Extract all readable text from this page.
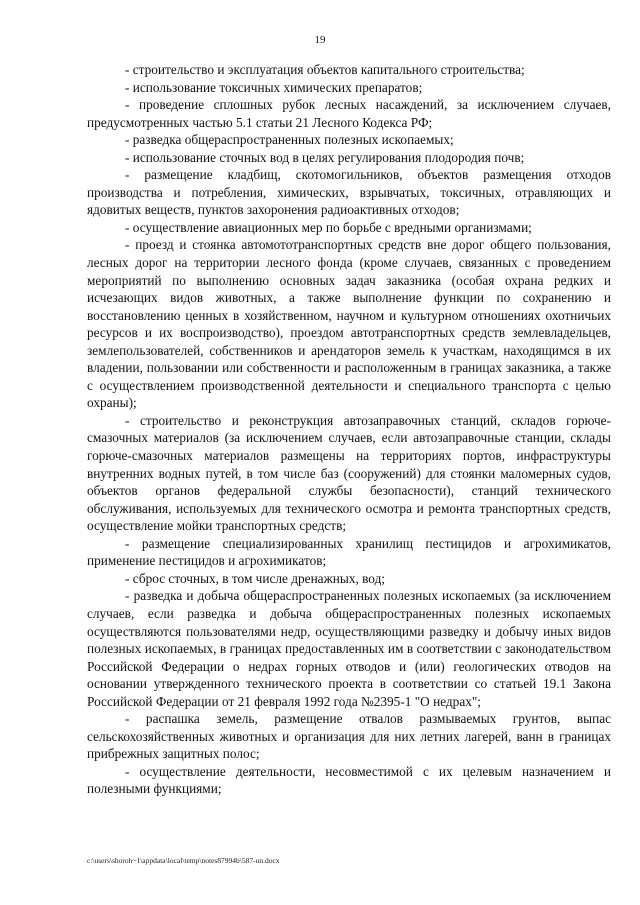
19

- строительство и эксплуатация объектов капитального строительства;

- использование токсичных химических препаратов;

- проведение сплошных рубок лесных насаждений, за исключением случаев, предусмотренных частью 5.1 статьи 21 Лесного Кодекса РФ;

- разведка общераспространенных полезных ископаемых;

- использование сточных вод в целях регулирования плодородия почв;

- размещение кладбищ, скотомогильников, объектов размещения отходов производства и потребления, химических, взрывчатых, токсичных, отравляющих и ядовитых веществ, пунктов захоронения радиоактивных отходов;

- осуществление авиационных мер по борьбе с вредными организмами;

- проезд и стоянка автомототранспортных средств вне дорог общего пользования, лесных дорог на территории лесного фонда (кроме случаев, связанных с проведением мероприятий по выполнению основных задач заказника (особая охрана редких и исчезающих видов животных, а также выполнение функции по сохранению и восстановлению ценных в хозяйственном, научном и культурном отношениях охотничьих ресурсов и их воспроизводство), проездом автотранспортных средств землевладельцев, землепользователей, собственников и арендаторов земель к участкам, находящимся в их владении, пользовании или собственности и расположенным в границах заказника, а также с осуществлением производственной деятельности и специального транспорта с целью охраны);

- строительство и реконструкция автозаправочных станций, складов горюче-смазочных материалов (за исключением случаев, если автозаправочные станции, склады горюче-смазочных материалов размещены на территориях портов, инфраструктуры внутренних водных путей, в том числе баз (сооружений) для стоянки маломерных судов, объектов органов федеральной службы безопасности), станций технического обслуживания, используемых для технического осмотра и ремонта транспортных средств, осуществление мойки транспортных средств;

- размещение специализированных хранилищ пестицидов и агрохимикатов, применение пестицидов и агрохимикатов;

- сброс сточных, в том числе дренажных, вод;

- разведка и добыча общераспространенных полезных ископаемых (за исключением случаев, если разведка и добыча общераспространенных полезных ископаемых осуществляются пользователями недр, осуществляющими разведку и добычу иных видов полезных ископаемых, в границах предоставленных им в соответствии с законодательством Российской Федерации о недрах горных отводов и (или) геологических отводов на основании утвержденного технического проекта в соответствии со статьей 19.1 Закона Российской Федерации от 21 февраля 1992 года №2395-1 "О недрах";

- распашка земель, размещение отвалов размываемых грунтов, выпас сельскохозяйственных животных и организация для них летних лагерей, ванн в границах прибрежных защитных полос;

- осуществление деятельности, несовместимой с их целевым назначением и полезными функциями;

c:\users\shoroh~1\appdata\local\temp\notes87994b\587-un.docx
